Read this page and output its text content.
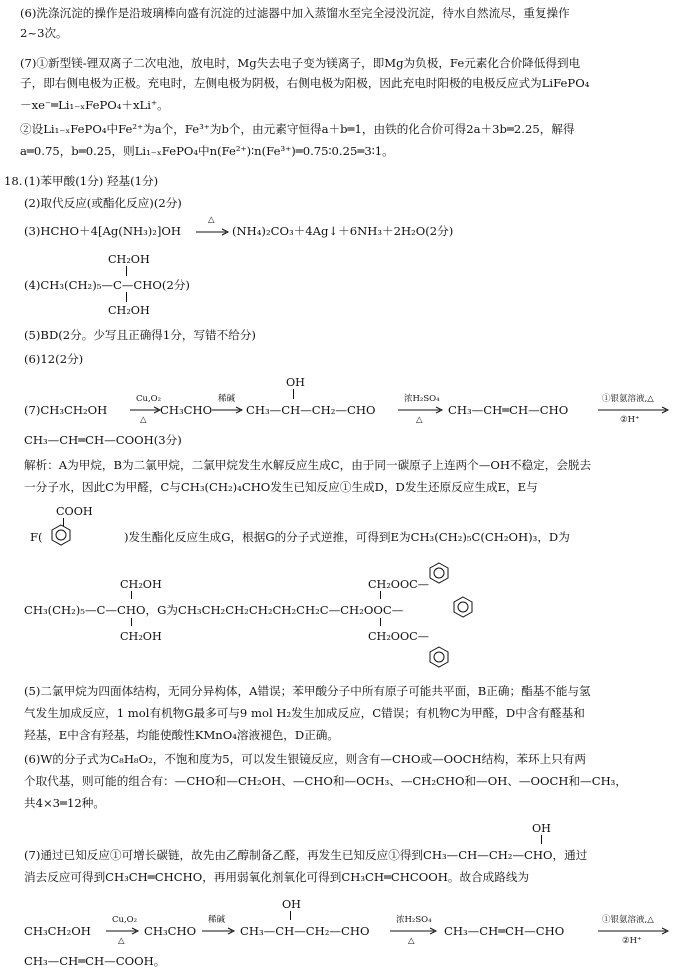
(6)洗涤沉淀的操作是沿玻璃棒向盛有沉淀的过滤器中加入蒸馏水至完全浸没沉淀，待水自然流尽，重复操作
2~3次。
(7)①新型镁-锂双离子二次电池，放电时，Mg失去电子变为镁离子，即Mg为负极，Fe元素化合价降低得到电
子，即右侧电极为正极。充电时，左侧电极为阴极，右侧电极为阳极，因此充电时阳极的电极反应式为LiFePO₄
－xe⁻═Li₁₋ₓFePO₄＋xLi⁺。
②设Li₁₋ₓFePO₄中Fe²⁺为a个，Fe³⁺为b个，由元素守恒得a＋b═1，由铁的化合价可得2a＋3b═2.25，解得
a═0.75，b═0.25，则Li₁₋ₓFePO₄中n(Fe²⁺)∶n(Fe³⁺)═0.75∶0.25═3∶1。
18. (1)苯甲酸(1分) 羟基(1分)
(2)取代反应(或酯化反应)(2分)
(3)HCHO＋4[Ag(NH₃)₂]OH
△
→ (NH₄)₂CO₃＋4Ag↓＋6NH₃＋2H₂O(2分)
CH₂OH
(4)CH₃(CH₂)₅—C—CHO(2分)
CH₂OH
(5)BD(2分。少写且正确得1分，写错不给分)
(6)12(2分)
OH
(7)CH₃CH₂OH
Cu,O₂
△
CH₃CHO
稀碱
→ CH₃—CH—CH₂—CHO
浓H₂SO₄
△
→ CH₃—CH═CH—CHO
①银氨溶液,△
②H⁺
CH₃—CH═CH—COOH(3分)
解析：A为甲烷，B为二氯甲烷，二氯甲烷发生水解反应生成C，由于同一碳原子上连两个—OH不稳定，会脱去
一分子水，因此C为甲醛，C与CH₃(CH₂)₄CHO发生已知反应①生成D，D发生还原反应生成E，E与
COOH
F(	)发生酯化反应生成G，根据G的分子式逆推，可得到E为CH₃(CH₂)₅C(CH₂OH)₃，D为
CH₂OH
CH₃(CH₂)₅—C—CHO，G为CH₃CH₂CH₂CH₂CH₂CH₂C—CH₂OOC—
CH₂OH
CH₂OOC—
CH₂OOC—
(5)二氯甲烷为四面体结构，无同分异构体，A错误；苯甲酸分子中所有原子可能共平面，B正确；酯基不能与氢
气发生加成反应，1 mol有机物G最多可与9 mol H₂发生加成反应，C错误；有机物C为甲醛，D中含有醛基和
羟基，E中含有羟基，均能使酸性KMnO₄溶液褪色，D正确。
(6)W的分子式为C₈H₈O₂，不饱和度为5，可以发生银镜反应，则含有—CHO或—OOCH结构，苯环上只有两
个取代基，则可能的组合有：—CHO和—CH₂OH、—CHO和—OCH₃、—CH₂CHO和—OH、—OOCH和—CH₃，
共4×3═12种。
OH
(7)通过已知反应①可增长碳链，故先由乙醇制备乙醛，再发生已知反应①得到CH₃—CH—CH₂—CHO，通过
消去反应可得到CH₃CH═CHCHO，再用弱氧化剂氧化可得到CH₃CH═CHCOOH。故合成路线为
OH
CH₃CH₂OH
Cu,O₂
△
→ CH₃CHO
稀碱
→ CH₃—CH—CH₂—CHO
浓H₂SO₄
△
→ CH₃—CH═CH—CHO
①银氨溶液,△
②H⁺
CH₃—CH═CH—COOH。
